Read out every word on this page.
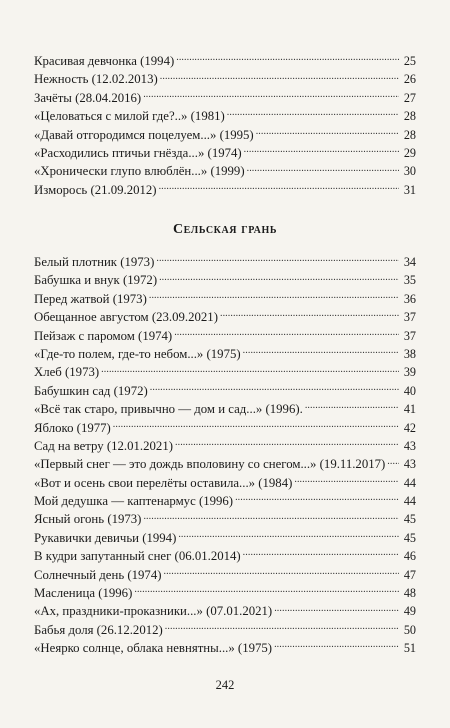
Красивая девчонка (1994) . . .	25
Нежность (12.02.2013) . . .	26
Зачёты (28.04.2016) . . .	27
«Целоваться с милой где?..» (1981) . . .	28
«Давай отгородимся поцелуем...» (1995) . . .	28
«Расходились птичьи гнёзда...» (1974) . . .	29
«Хронически глупо влюблён...» (1999) . . .	30
Изморось (21.09.2012) . . .	31
Сельская грань
Белый плотник (1973) . . .	34
Бабушка и внук (1972) . . .	35
Перед жатвой (1973) . . .	36
Обещанное августом (23.09.2021) . . .	37
Пейзаж с паромом (1974) . . .	37
«Где-то полем, где-то небом...» (1975) . . .	38
Хлеб (1973) . . .	39
Бабушкин сад (1972) . . .	40
«Всё так старо, привычно — дом и сад...» (1996). . . .	41
Яблоко (1977) . . .	42
Сад на ветру (12.01.2021) . . .	43
«Первый снег — это дождь вполовину со снегом...» (19.11.2017) . . .	43
«Вот и осень свои перелёты оставила...» (1984) . . .	44
Мой дедушка — каптенармус (1996) . . .	44
Ясный огонь (1973) . . .	45
Рукавички девичьи (1994) . . .	45
В кудри запутанный снег (06.01.2014) . . .	46
Солнечный день (1974) . . .	47
Масленица (1996) . . .	48
«Ах, праздники-проказники...» (07.01.2021) . . .	49
Бабья доля (26.12.2012) . . .	50
«Неярко солнце, облака невнятны...» (1975) . . .	51
242
